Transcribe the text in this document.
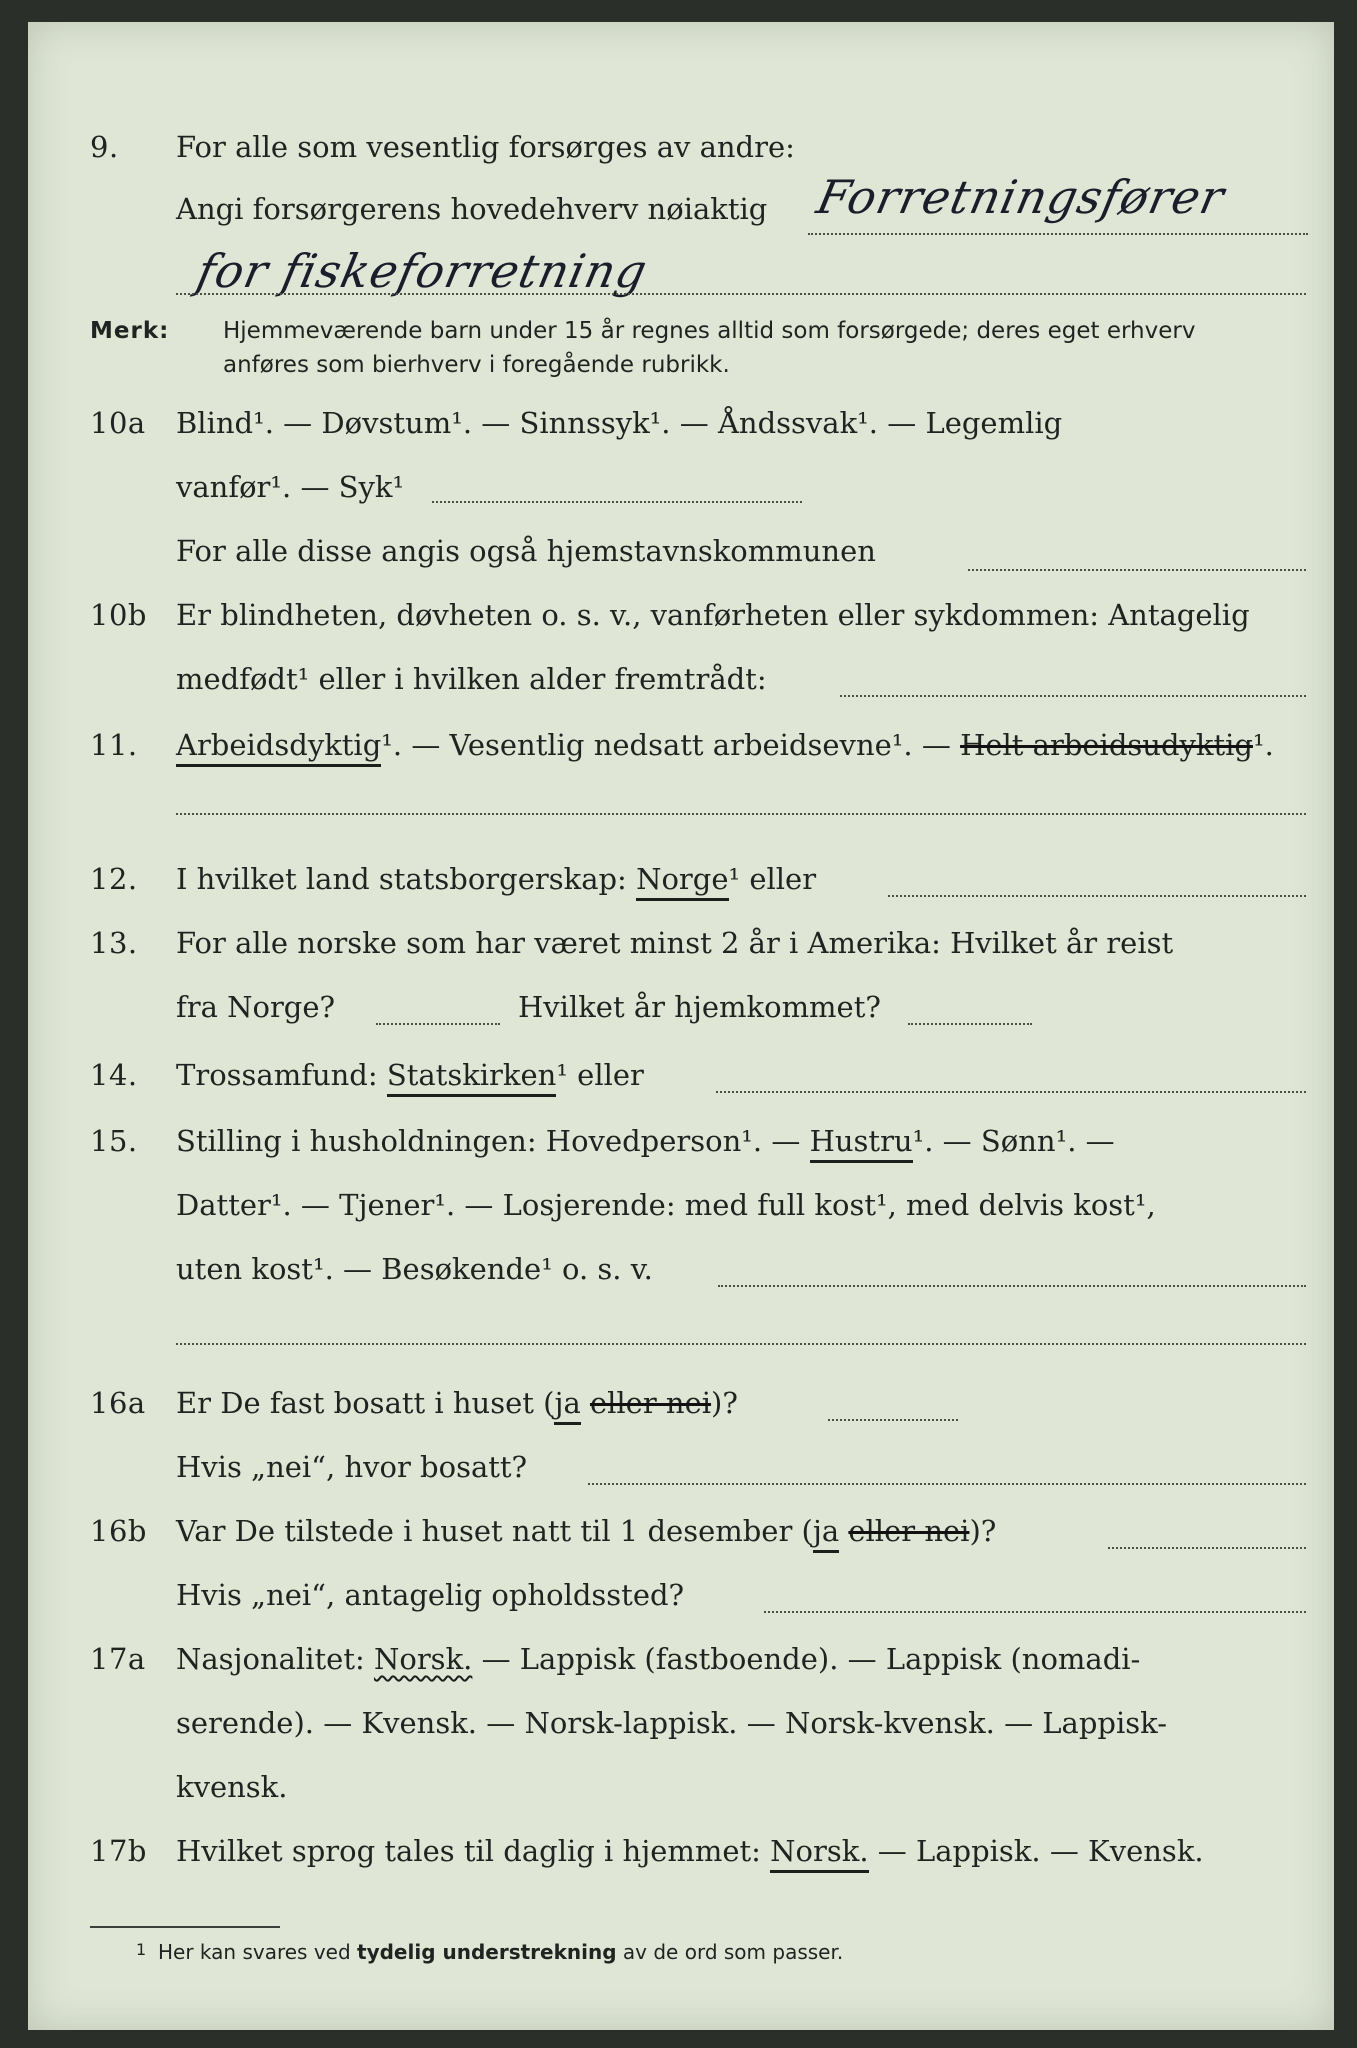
9.	For alle som vesentlig forsørges av andre:
Angi forsørgerens hovedehverv nøiaktig Forretningsfører
for fiskeforretning
Merk: Hjemmeværende barn under 15 år regnes alltid som forsørgede; deres eget erhverv
anføres som bierhverv i foregående rubrikk.
10a	Blind¹. — Døvstum¹. — Sinnssyk¹. — Åndssvak¹. — Legemlig
vanfør¹. — Syk¹
For alle disse angis også hjemstavnskommunen
10b	Er blindheten, døvheten o. s. v., vanførheten eller sykdommen: Antagelig
medfødt¹ eller i hvilken alder fremtrådt:
11.	Arbeidsdyktig¹. — Vesentlig nedsatt arbeidsevne¹. — Helt arbeidsudyktig¹.
12.	I hvilket land statsborgerskap: Norge¹ eller
13.	For alle norske som har været minst 2 år i Amerika: Hvilket år reist
fra Norge?	Hvilket år hjemkommet?
14.	Trossamfund: Statskirken¹ eller
15.	Stilling i husholdningen: Hovedperson¹. — Hustru¹. — Sønn¹. —
Datter¹. — Tjener¹. — Losjerende: med full kost¹, med delvis kost¹,
uten kost¹. — Besøkende¹ o. s. v.
16a	Er De fast bosatt i huset (ja eller nei)?
Hvis „nei“, hvor bosatt?
16b	Var De tilstede i huset natt til 1 desember (ja eller nei)?
Hvis „nei“, antagelig opholdssted?
17a	Nasjonalitet: Norsk. — Lappisk (fastboende). — Lappisk (nomadi-
serende). — Kvensk. — Norsk-lappisk. — Norsk-kvensk. — Lappisk-
kvensk.
17b	Hvilket sprog tales til daglig i hjemmet: Norsk. — Lappisk. — Kvensk.
1 Her kan svares ved tydelig understrekning av de ord som passer.
